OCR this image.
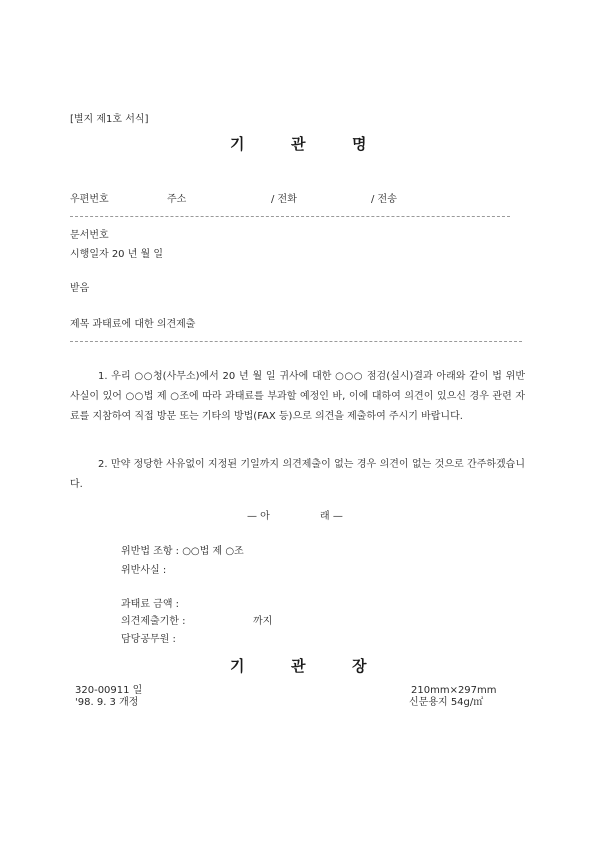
[별지 제1호 서식]
기	관	명
우편번호	주소	/ 전화	/ 전송
문서번호
시행일자 20 년 월 일
받음
제목 과태료에 대한 의견제출
1. 우리 ○○청(사무소)에서 20 년 월 일 귀사에 대한 ○○○ 점검(실시)결과 아래와 같이 법 위반 사실이 있어 ○○법 제 ○조에 따라 과태료를 부과할 예정인 바, 이에 대하여 의견이 있으신 경우 관련 자료를 지참하여 직접 방문 또는 기타의 방법(FAX 등)으로 의견을 제출하여 주시기 바랍니다.
2. 만약 정당한 사유없이 지정된 기일까지 의견제출이 없는 경우 의견이 없는 것으로 간주하겠습니다.
— 아	래 —
위반법 조항 : ○○법 제 ○조
위반사실 :
과태료 금액 :
의견제출기한 :	까지
담당공무원 :
기	관	장
320-00911 일
'98. 9. 3 개정
210mm×297mm
신문용지 54g/㎡
